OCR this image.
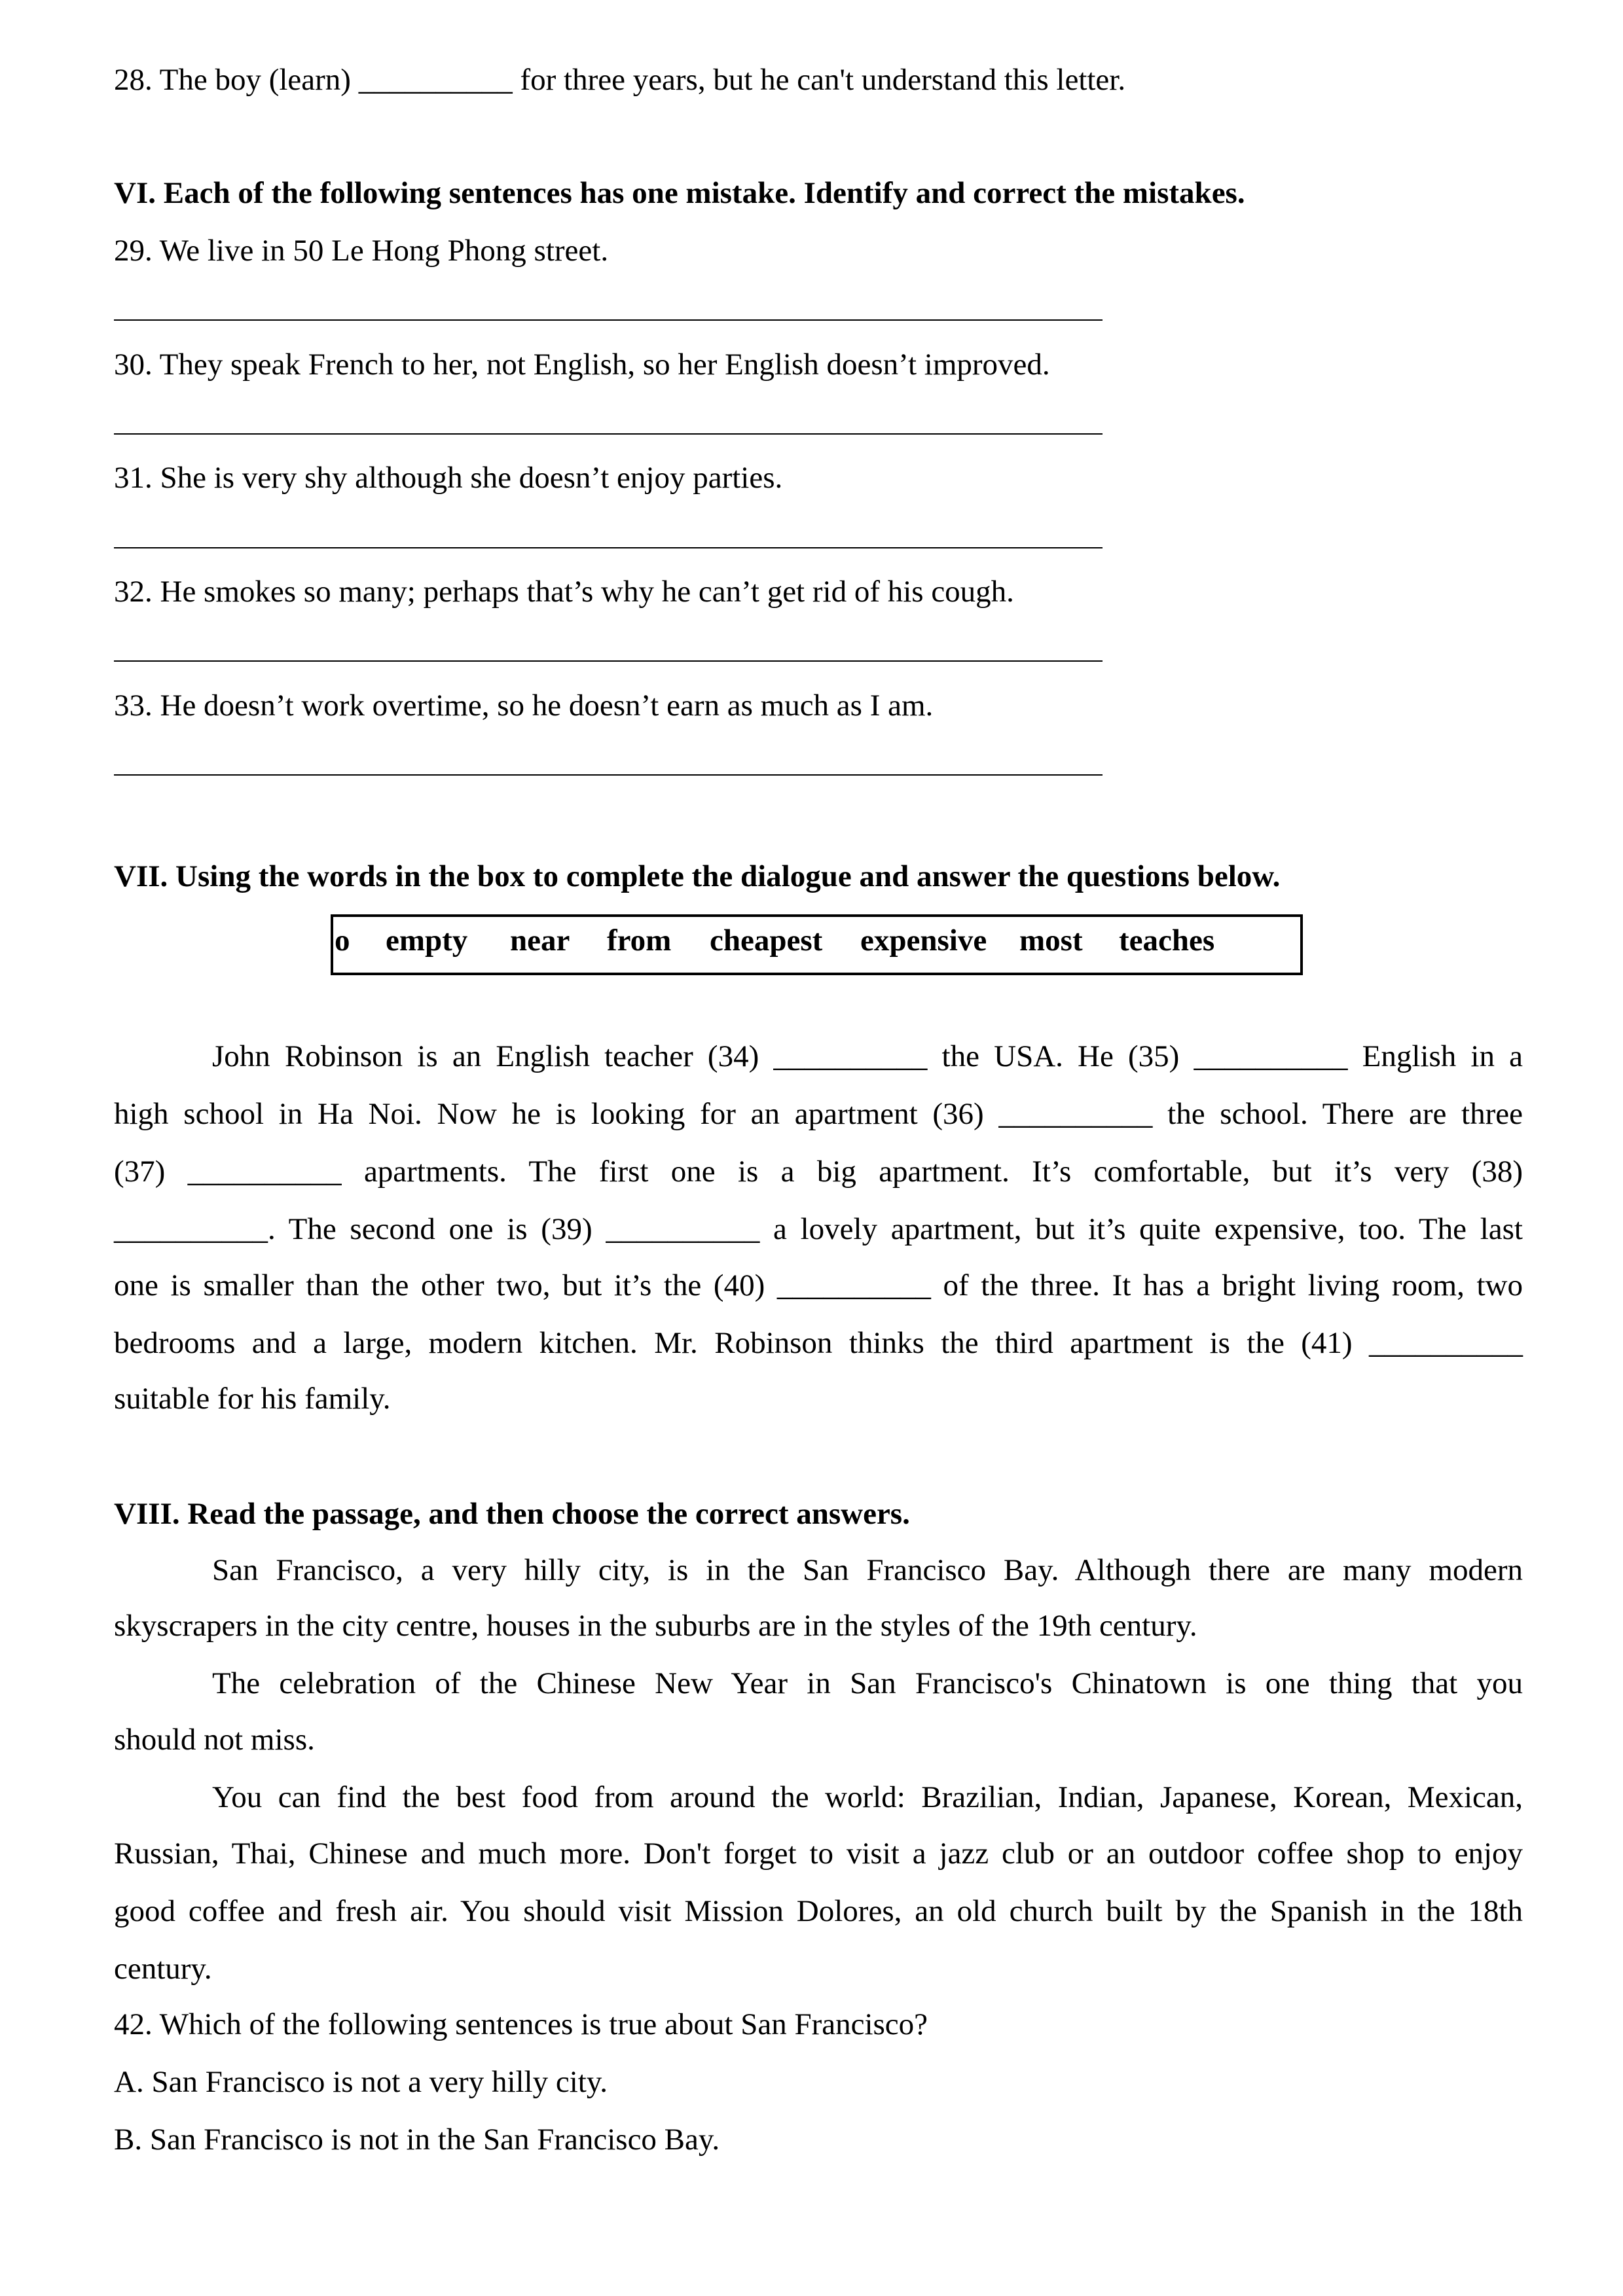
28. The boy (learn) __________ for three years, but he can't understand this letter.
VI. Each of the following sentences has one mistake. Identify and correct the mistakes.
29. We live in 50 Le Hong Phong street.
30. They speak French to her, not English, so her English doesn’t improved.
31. She is very shy although she doesn’t enjoy parties.
32. He smokes so many; perhaps that’s why he can’t get rid of his cough.
33. He doesn’t work overtime, so he doesn’t earn as much as I am.
VII. Using the words in the box to complete the dialogue and answer the questions below.
o empty near from cheapest expensive most teaches
John Robinson is an English teacher (34) __________ the USA. He (35) __________ English in a
high school in Ha Noi. Now he is looking for an apartment (36) __________ the school. There are three
(37) __________ apartments. The first one is a big apartment. It’s comfortable, but it’s very (38)
__________. The second one is (39) __________ a lovely apartment, but it’s quite expensive, too. The last
one is smaller than the other two, but it’s the (40) __________ of the three. It has a bright living room, two
bedrooms and a large, modern kitchen. Mr. Robinson thinks the third apartment is the (41) __________
suitable for his family.
VIII. Read the passage, and then choose the correct answers.
San Francisco, a very hilly city, is in the San Francisco Bay. Although there are many modern
skyscrapers in the city centre, houses in the suburbs are in the styles of the 19th century.
The celebration of the Chinese New Year in San Francisco's Chinatown is one thing that you
should not miss.
You can find the best food from around the world: Brazilian, Indian, Japanese, Korean, Mexican,
Russian, Thai, Chinese and much more. Don't forget to visit a jazz club or an outdoor coffee shop to enjoy
good coffee and fresh air. You should visit Mission Dolores, an old church built by the Spanish in the 18th
century.
42. Which of the following sentences is true about San Francisco?
A. San Francisco is not a very hilly city.
B. San Francisco is not in the San Francisco Bay.
